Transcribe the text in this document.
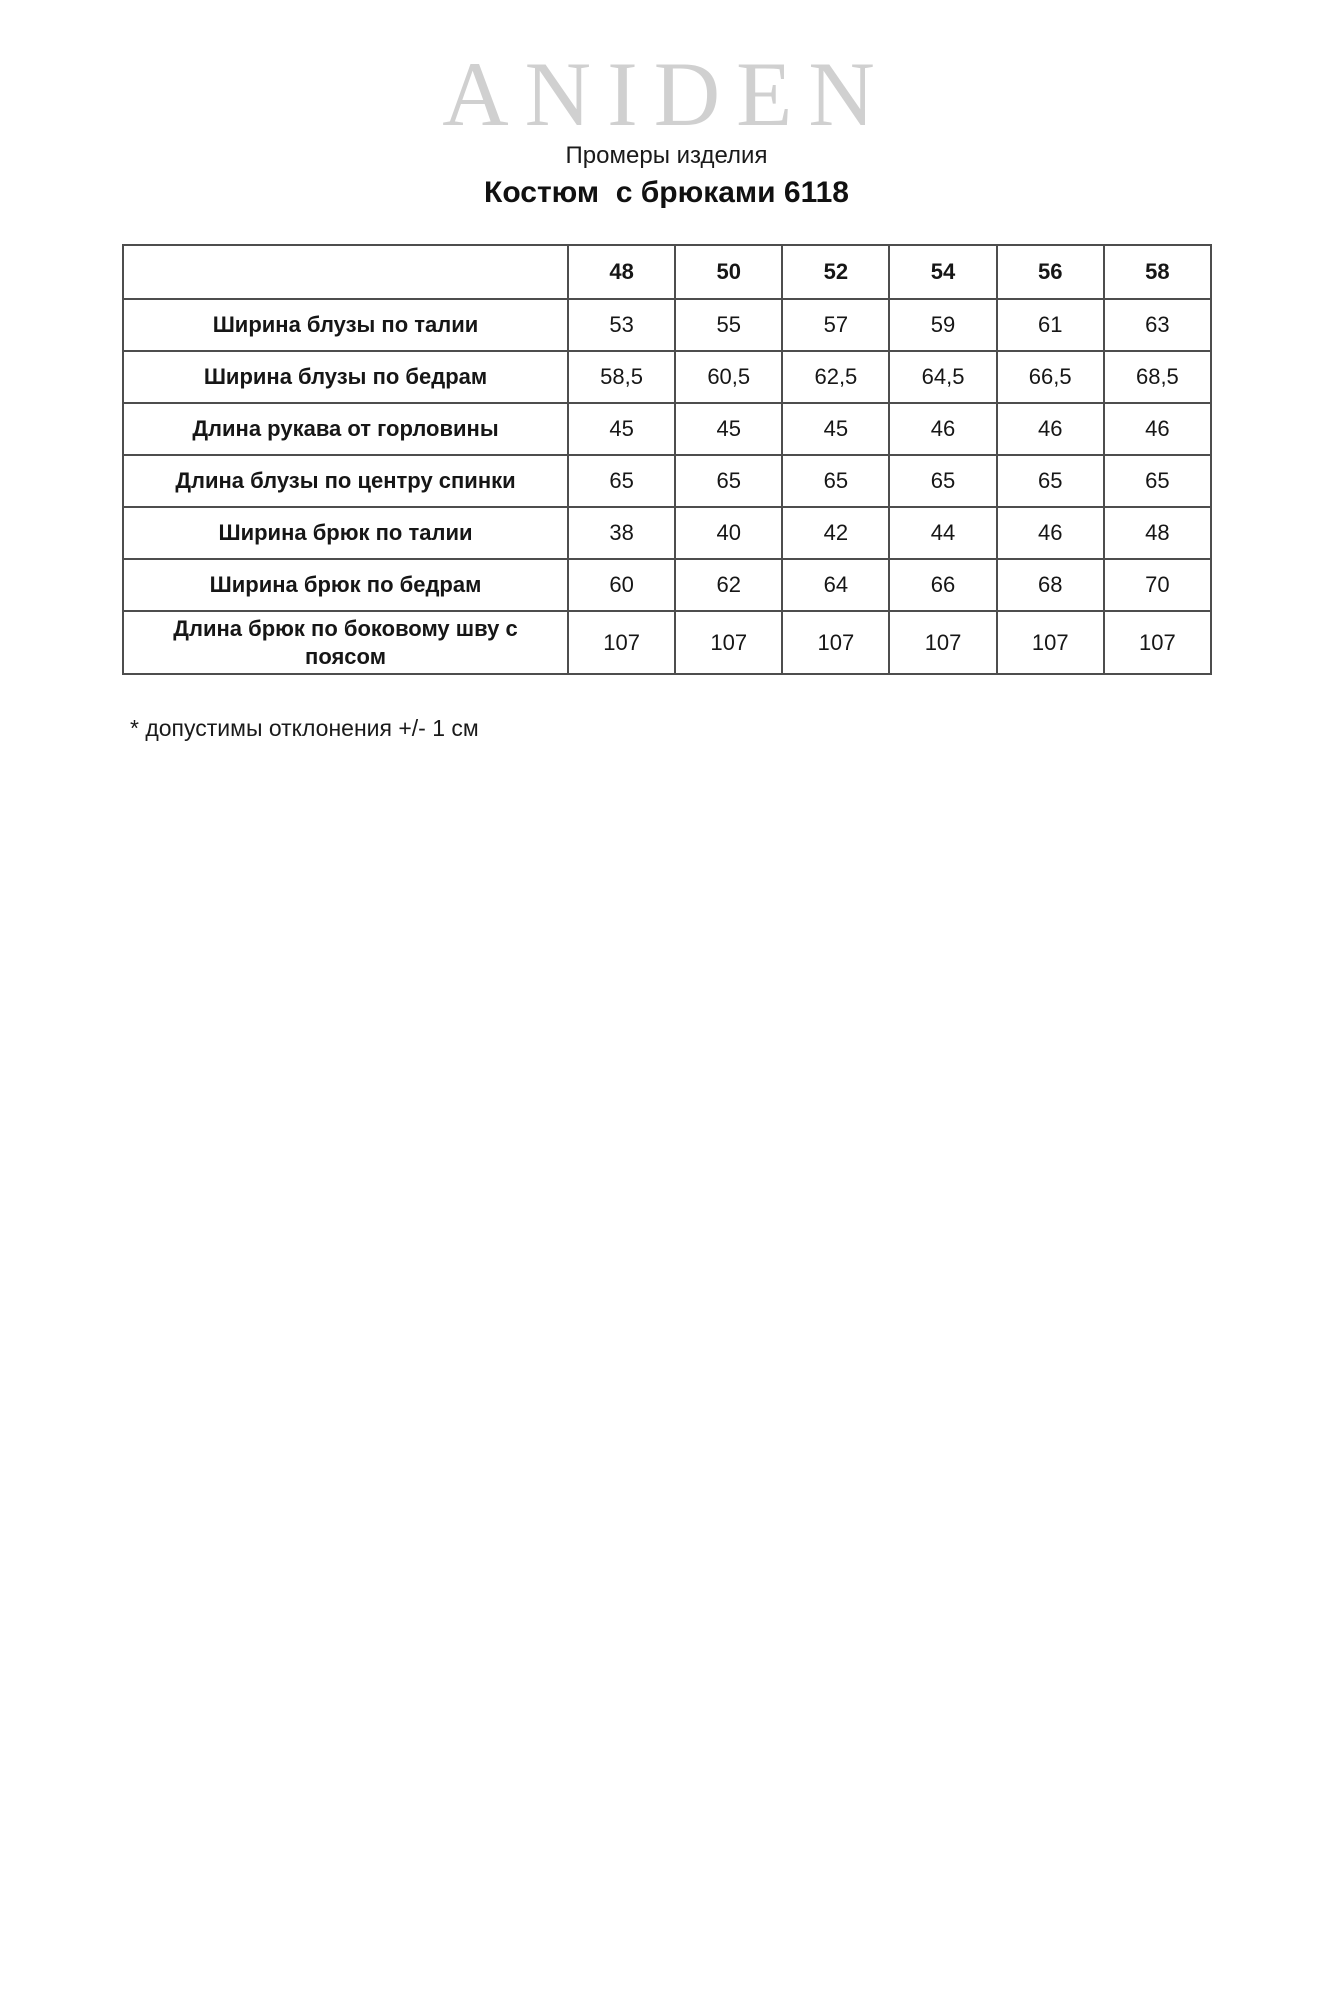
ANIDEN
Промеры изделия
Костюм  с брюками 6118
	48	50	52	54	56	58
Ширина блузы по талии	53	55	57	59	61	63
Ширина блузы по бедрам	58,5	60,5	62,5	64,5	66,5	68,5
Длина рукава от горловины	45	45	45	46	46	46
Длина блузы по центру спинки	65	65	65	65	65	65
Ширина брюк по талии	38	40	42	44	46	48
Ширина брюк по бедрам	60	62	64	66	68	70
Длина брюк по боковому шву с поясом	107	107	107	107	107	107
* допустимы отклонения +/- 1 см
